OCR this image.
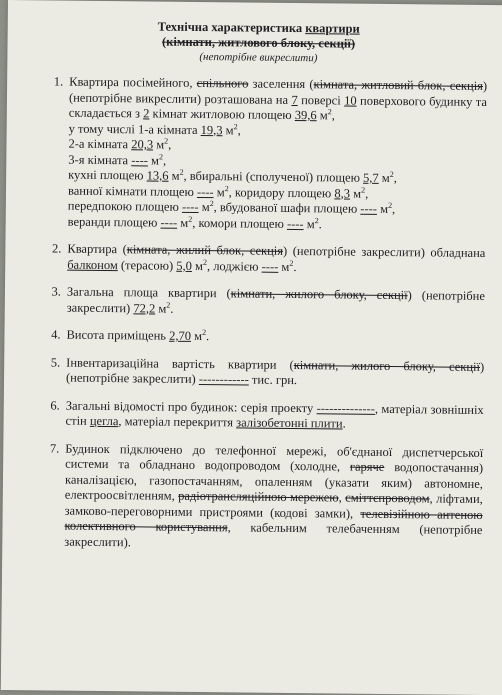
Технічна характеристика квартири
(кімнати, житлового блоку, секції)
(непотрібне викреслити)
1. Квартира посімейного, спільного заселення (кімната, житловий блок, секція) (непотрібне викреслити) розташована на 7 поверсі 10 поверхового будинку та складається з 2 кімнат житловою площею 39,6 $м^2$,
у тому числі 1-а кімната 19,3 $м^2$,
2-а кімната 20,3 $м^2$,
3-я кімната ---- $м^2$,
кухні площею 13,6 $м^2$, вбиральні (сполученої) площею 5,7 $м^2$,
ванної кімнати площею ---- $м^2$, коридору площею 8,3 $м^2$,
передпокою площею ---- $м^2$, вбудованої шафи площею ---- $м^2$,
веранди площею ---- $м^2$, комори площею ---- $м^2$.
2. Квартира (кімната, жилий блок, секція) (непотрібне закреслити) обладнана балконом (терасою) 5,0 $м^2$, лоджією ---- $м^2$.
3. Загальна площа квартири (кімнати, жилого блоку, секції) (непотрібне закреслити) 72,2 $м^2$.
4. Висота приміщень 2,70 $м^2$.
5. Інвентаризаційна вартість квартири (кімнати, жилого блоку, секції) (непотрібне закреслити) ------------ тис. грн.
6. Загальні відомості про будинок: серія проекту --------------, матеріал зовнішніх стін цегла, матеріал перекриття залізобетонні плити.
7. Будинок підключено до телефонної мережі, об'єднаної диспетчерської системи та обладнано водопроводом (холодне, гаряче водопостачання) каналізацією, газопостачанням, опаленням (указати яким) автономне, електроосвітленням, радіотрансляційною мережею, сміттєпроводом, ліфтами, замково-переговорними пристроями (кодові замки), телевізійною антеною колективного користування, кабельним телебаченням (непотрібне закреслити).
